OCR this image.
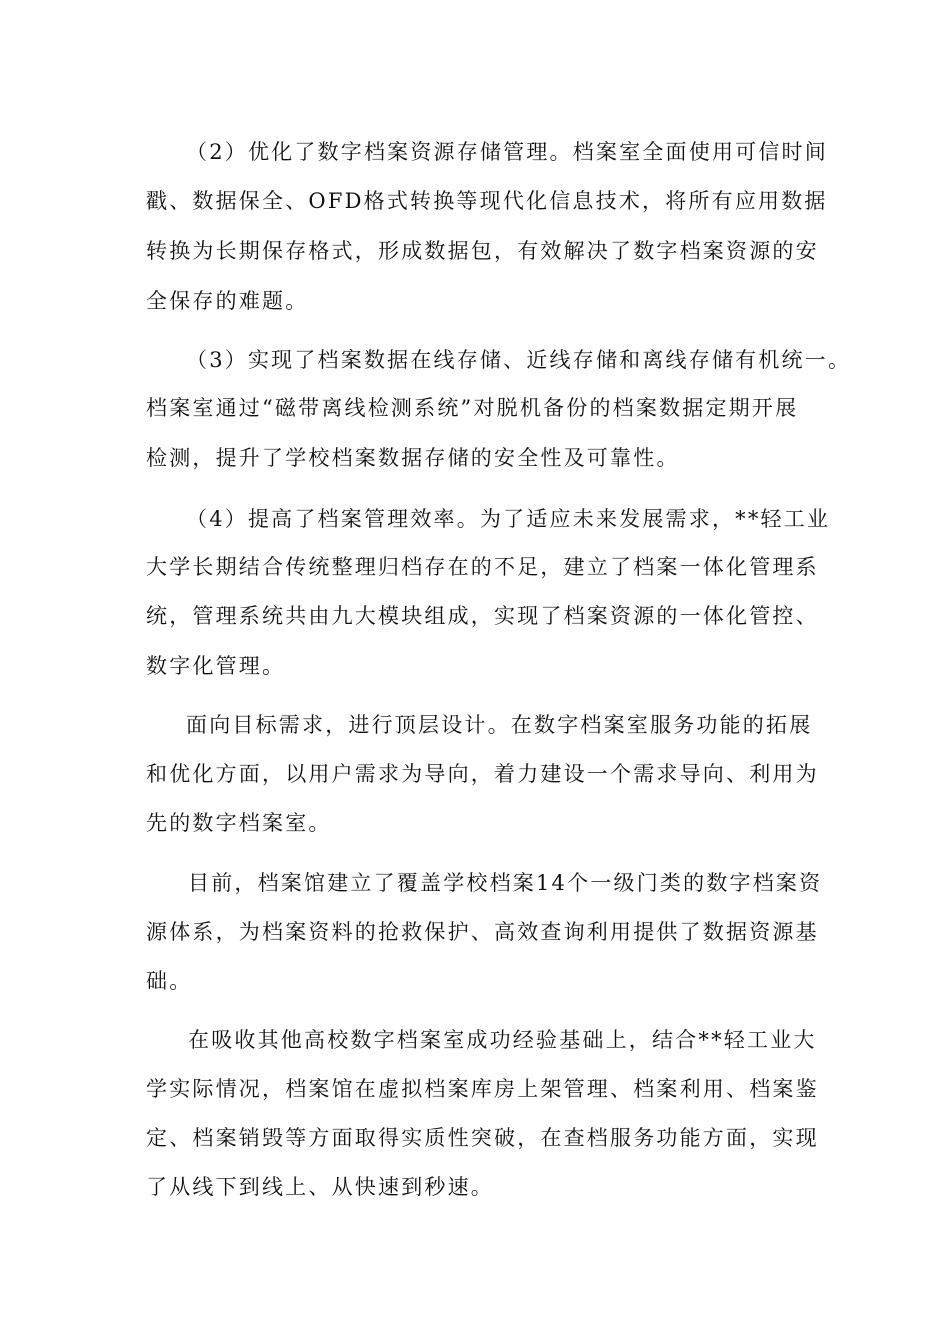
（2）优化了数字档案资源存储管理。档案室全面使用可信时间
戳、数据保全、OFD格式转换等现代化信息技术，将所有应用数据
转换为长期保存格式，形成数据包，有效解决了数字档案资源的安
全保存的难题。
（3）实现了档案数据在线存储、近线存储和离线存储有机统一。
档案室通过“磁带离线检测系统”对脱机备份的档案数据定期开展
检测，提升了学校档案数据存储的安全性及可靠性。
（4）提高了档案管理效率。为了适应未来发展需求，**轻工业
大学长期结合传统整理归档存在的不足，建立了档案一体化管理系
统，管理系统共由九大模块组成，实现了档案资源的一体化管控、
数字化管理。
面向目标需求，进行顶层设计。在数字档案室服务功能的拓展
和优化方面，以用户需求为导向，着力建设一个需求导向、利用为
先的数字档案室。
目前，档案馆建立了覆盖学校档案14个一级门类的数字档案资
源体系，为档案资料的抢救保护、高效查询利用提供了数据资源基
础。
在吸收其他高校数字档案室成功经验基础上，结合**轻工业大
学实际情况，档案馆在虚拟档案库房上架管理、档案利用、档案鉴
定、档案销毁等方面取得实质性突破，在查档服务功能方面，实现
了从线下到线上、从快速到秒速。
